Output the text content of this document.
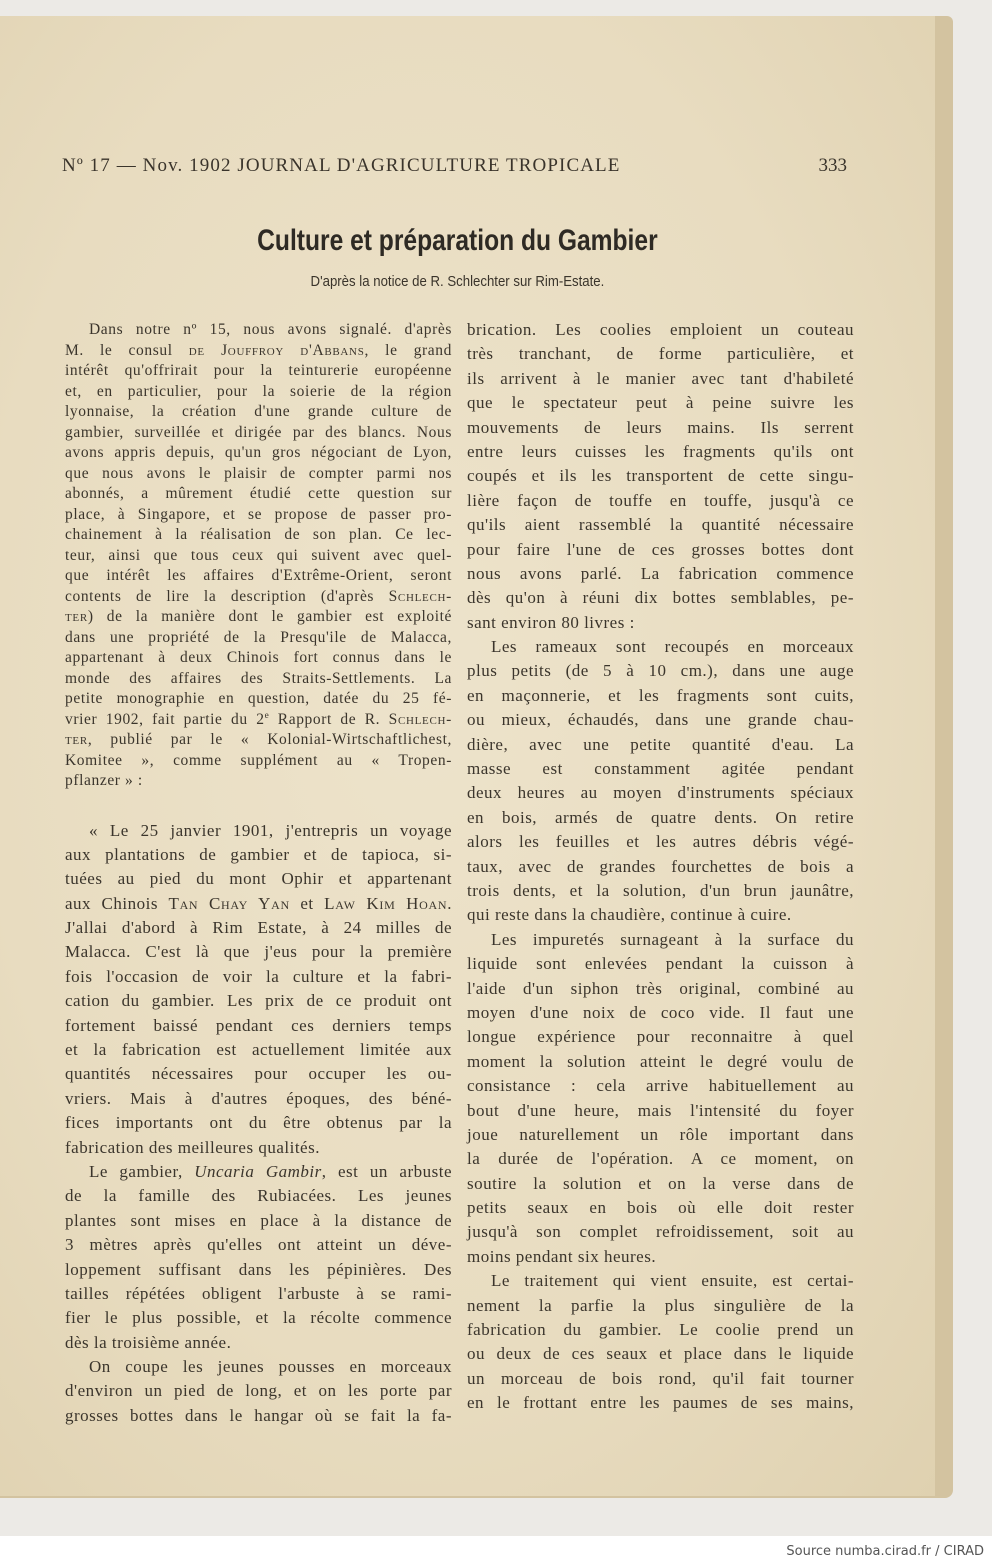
Nº 17 — Nov. 1902 JOURNAL D'AGRICULTURE TROPICALE	333
Culture et préparation du Gambier
D'après la notice de R. Schlechter sur Rim-Estate.
Dans notre nº 15, nous avons signalé. d'après
M. le consul de Jouffroy d'Abbans, le grand
intérêt qu'offrirait pour la teinturerie européenne
et, en particulier, pour la soierie de la région
lyonnaise, la création d'une grande culture de
gambier, surveillée et dirigée par des blancs. Nous
avons appris depuis, qu'un gros négociant de Lyon,
que nous avons le plaisir de compter parmi nos
abonnés, a mûrement étudié cette question sur
place, à Singapore, et se propose de passer pro-
chainement à la réalisation de son plan. Ce lec-
teur, ainsi que tous ceux qui suivent avec quel-
que intérêt les affaires d'Extrême-Orient, seront
contents de lire la description (d'après Schlech-
ter) de la manière dont le gambier est exploité
dans une propriété de la Presqu'ile de Malacca,
appartenant à deux Chinois fort connus dans le
monde des affaires des Straits-Settlements. La
petite monographie en question, datée du 25 fé-
vrier 1902, fait partie du 2e Rapport de R. Schlech-
ter, publié par le « Kolonial-Wirtschaftlichest,
Komitee », comme supplément au « Tropen-
pflanzer » :
« Le 25 janvier 1901, j'entrepris un voyage
aux plantations de gambier et de tapioca, si-
tuées au pied du mont Ophir et appartenant
aux Chinois Tan Chay Yan et Law Kim Hoan.
J'allai d'abord à Rim Estate, à 24 milles de
Malacca. C'est là que j'eus pour la première
fois l'occasion de voir la culture et la fabri-
cation du gambier. Les prix de ce produit ont
fortement baissé pendant ces derniers temps
et la fabrication est actuellement limitée aux
quantités nécessaires pour occuper les ou-
vriers. Mais à d'autres époques, des béné-
fices importants ont du être obtenus par la
fabrication des meilleures qualités.
Le gambier, Uncaria Gambir, est un arbuste
de la famille des Rubiacées. Les jeunes
plantes sont mises en place à la distance de
3 mètres après qu'elles ont atteint un déve-
loppement suffisant dans les pépinières. Des
tailles répétées obligent l'arbuste à se rami-
fier le plus possible, et la récolte commence
dès la troisième année.
On coupe les jeunes pousses en morceaux
d'environ un pied de long, et on les porte par
grosses bottes dans le hangar où se fait la fa-
brication. Les coolies emploient un couteau
très tranchant, de forme particulière, et
ils arrivent à le manier avec tant d'habileté
que le spectateur peut à peine suivre les
mouvements de leurs mains. Ils serrent
entre leurs cuisses les fragments qu'ils ont
coupés et ils les transportent de cette singu-
lière façon de touffe en touffe, jusqu'à ce
qu'ils aient rassemblé la quantité nécessaire
pour faire l'une de ces grosses bottes dont
nous avons parlé. La fabrication commence
dès qu'on à réuni dix bottes semblables, pe-
sant environ 80 livres :
Les rameaux sont recoupés en morceaux
plus petits (de 5 à 10 cm.), dans une auge
en maçonnerie, et les fragments sont cuits,
ou mieux, échaudés, dans une grande chau-
dière, avec une petite quantité d'eau. La
masse est constamment agitée pendant
deux heures au moyen d'instruments spéciaux
en bois, armés de quatre dents. On retire
alors les feuilles et les autres débris végé-
taux, avec de grandes fourchettes de bois a
trois dents, et la solution, d'un brun jaunâtre,
qui reste dans la chaudière, continue à cuire.
Les impuretés surnageant à la surface du
liquide sont enlevées pendant la cuisson à
l'aide d'un siphon très original, combiné au
moyen d'une noix de coco vide. Il faut une
longue expérience pour reconnaitre à quel
moment la solution atteint le degré voulu de
consistance : cela arrive habituellement au
bout d'une heure, mais l'intensité du foyer
joue naturellement un rôle important dans
la durée de l'opération. A ce moment, on
soutire la solution et on la verse dans de
petits seaux en bois où elle doit rester
jusqu'à son complet refroidissement, soit au
moins pendant six heures.
Le traitement qui vient ensuite, est certai-
nement la parfie la plus singulière de la
fabrication du gambier. Le coolie prend un
ou deux de ces seaux et place dans le liquide
un morceau de bois rond, qu'il fait tourner
en le frottant entre les paumes de ses mains,
Source numba.cirad.fr / CIRAD
